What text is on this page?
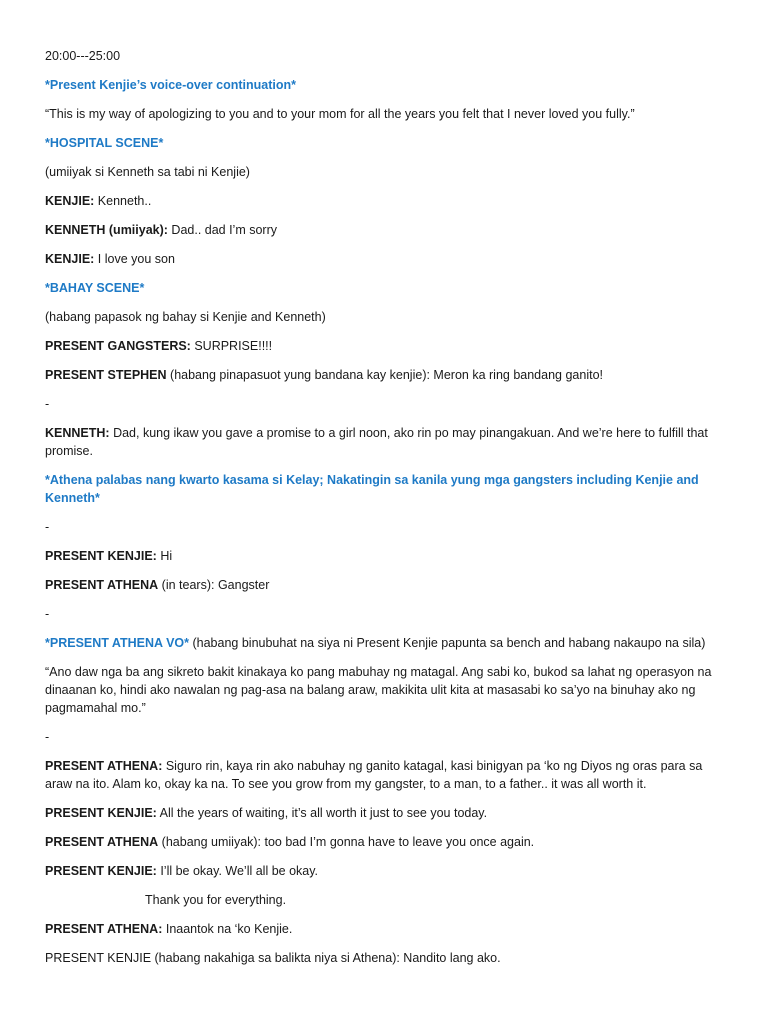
20:00---25:00

*Present Kenjie’s voice-over continuation*

“This is my way of apologizing to you and to your mom for all the years you felt that I never loved you fully.”

*HOSPITAL SCENE*

(umiiyak si Kenneth sa tabi ni Kenjie)

KENJIE: Kenneth..

KENNETH (umiiyak): Dad.. dad I’m sorry

KENJIE: I love you son

*BAHAY SCENE*

(habang papasok ng bahay si Kenjie and Kenneth)

PRESENT GANGSTERS: SURPRISE!!!!

PRESENT STEPHEN (habang pinapasuot yung bandana kay kenjie): Meron ka ring bandang ganito!

-

KENNETH: Dad, kung ikaw you gave a promise to a girl noon, ako rin po may pinangakuan. And we’re here to fulfill that promise.

*Athena palabas nang kwarto kasama si Kelay; Nakatingin sa kanila yung mga gangsters including Kenjie and Kenneth*

-

PRESENT KENJIE: Hi

PRESENT ATHENA (in tears): Gangster

-

*PRESENT ATHENA VO* (habang binubuhat na siya ni Present Kenjie papunta sa bench and habang nakaupo na sila)

“Ano daw nga ba ang sikreto bakit kinakaya ko pang mabuhay ng matagal. Ang sabi ko, bukod sa lahat ng operasyon na dinaanan ko, hindi ako nawalan ng pag-asa na balang araw, makikita ulit kita at masasabi ko sa’yo na binuhay ako ng pagmamahal mo.”

-

PRESENT ATHENA: Siguro rin, kaya rin ako nabuhay ng ganito katagal, kasi binigyan pa ‘ko ng Diyos ng oras para sa araw na ito. Alam ko, okay ka na. To see you grow from my gangster, to a man, to a father.. it was all worth it.

PRESENT KENJIE: All the years of waiting, it’s all worth it just to see you today.

PRESENT ATHENA (habang umiiyak): too bad I’m gonna have to leave you once again.

PRESENT KENJIE: I’ll be okay. We’ll all be okay.

Thank you for everything.

PRESENT ATHENA: Inaantok na ‘ko Kenjie.

PRESENT KENJIE (habang nakahiga sa balikta niya si Athena): Nandito lang ako.
